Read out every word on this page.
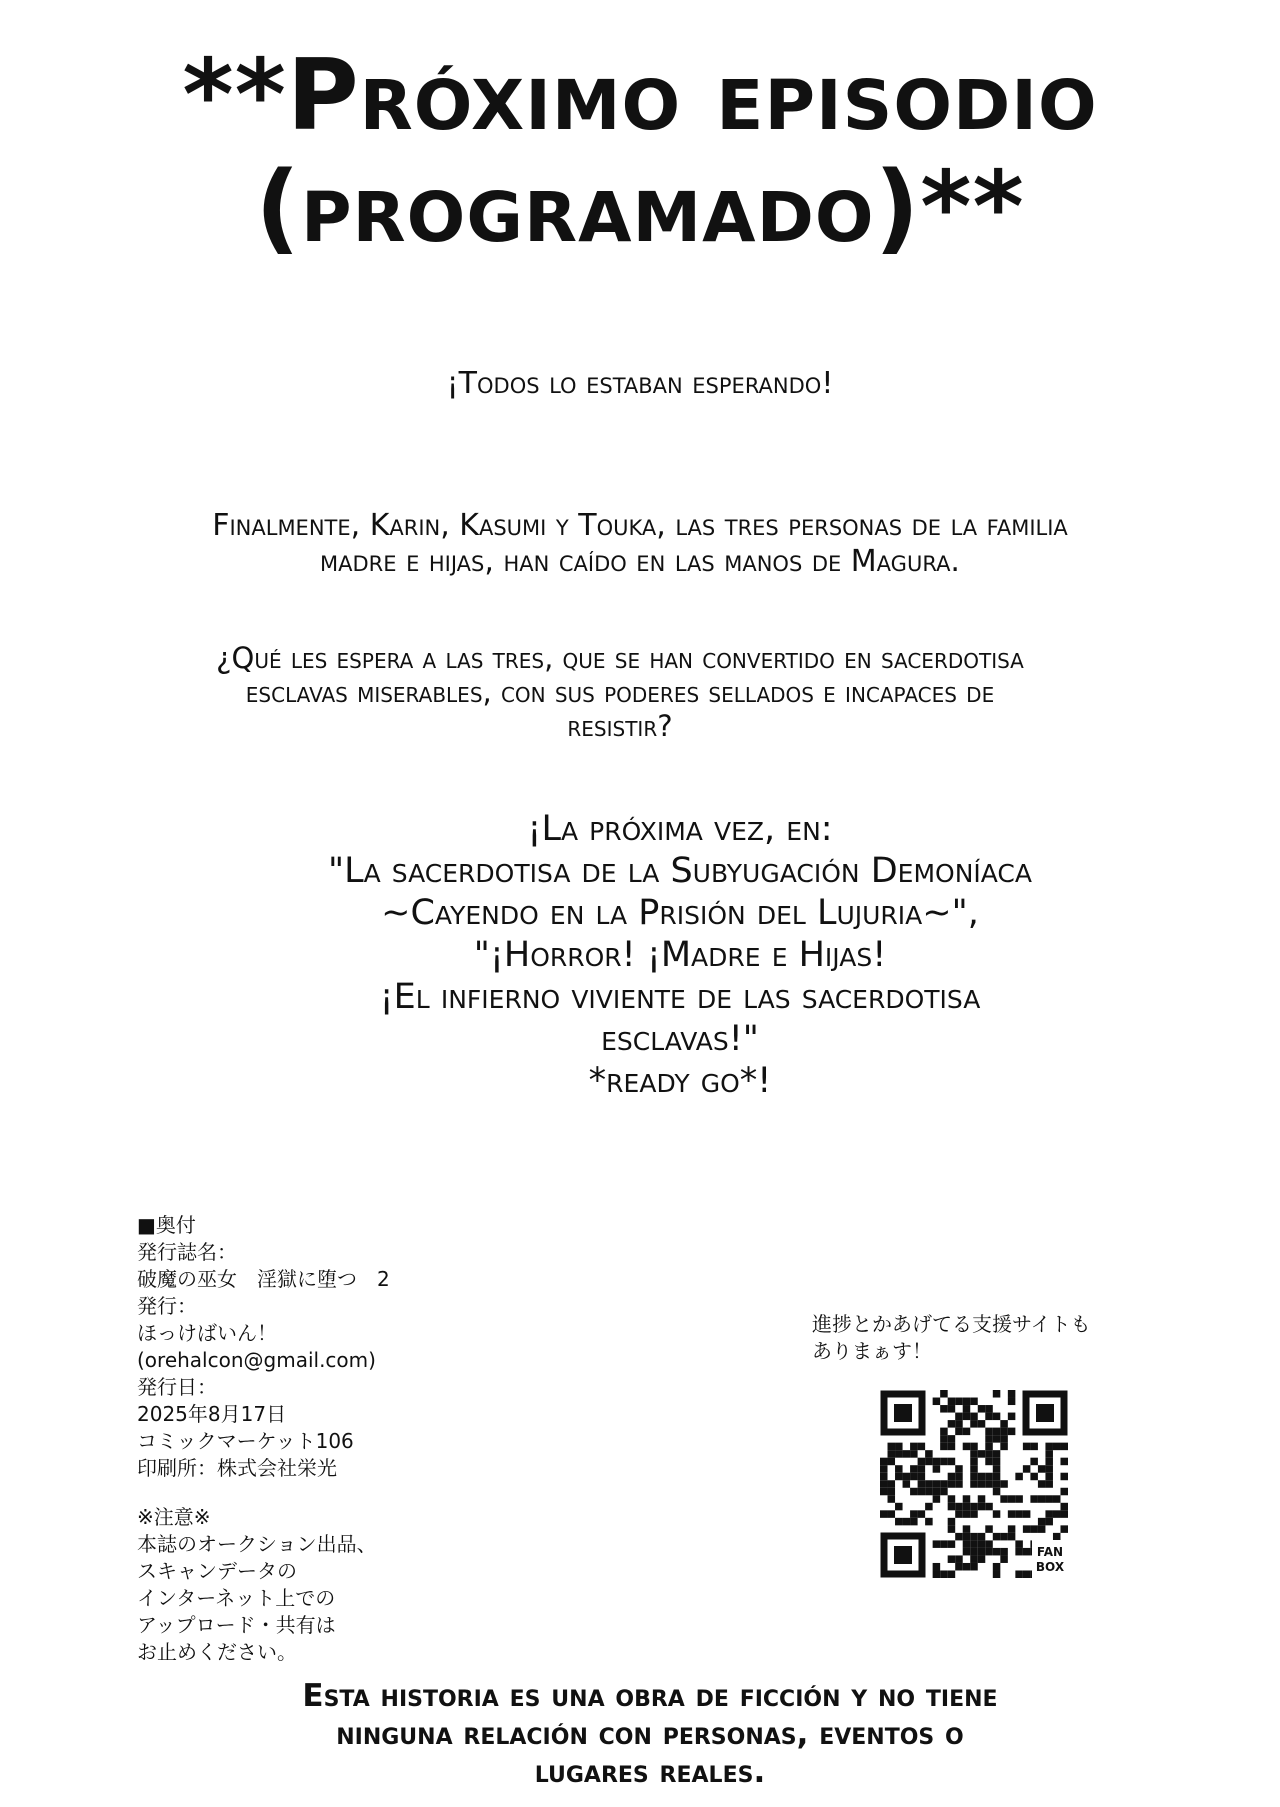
**Próximo episodio
(programado)**
¡Todos lo estaban esperando!
Finalmente, Karin, Kasumi y Touka, las tres personas de la familia
madre e hijas, han caído en las manos de Magura.
¿Qué les espera a las tres, que se han convertido en sacerdotisa
esclavas miserables, con sus poderes sellados e incapaces de
resistir?
¡La próxima vez, en:
"La sacerdotisa de la Subyugación Demoníaca
~Cayendo en la Prisión del Lujuria~",
"¡Horror! ¡Madre e Hijas!
¡El infierno viviente de las sacerdotisa
esclavas!"
*ready go*!
■奥付
発行誌名：
破魔の巫女　淫獄に堕つ　2
発行：
ほっけばいん！
(orehalcon@gmail.com)
発行日：
2025年8月17日
コミックマーケット106
印刷所：株式会社栄光
※注意※
本誌のオークション出品、
スキャンデータの
インターネット上での
アップロード・共有は
お止めください。
進捗とかあげてる支援サイトも
ありまぁす！
FAN
BOX
Esta historia es una obra de ficción y no tiene
ninguna relación con personas, eventos o
lugares reales.
